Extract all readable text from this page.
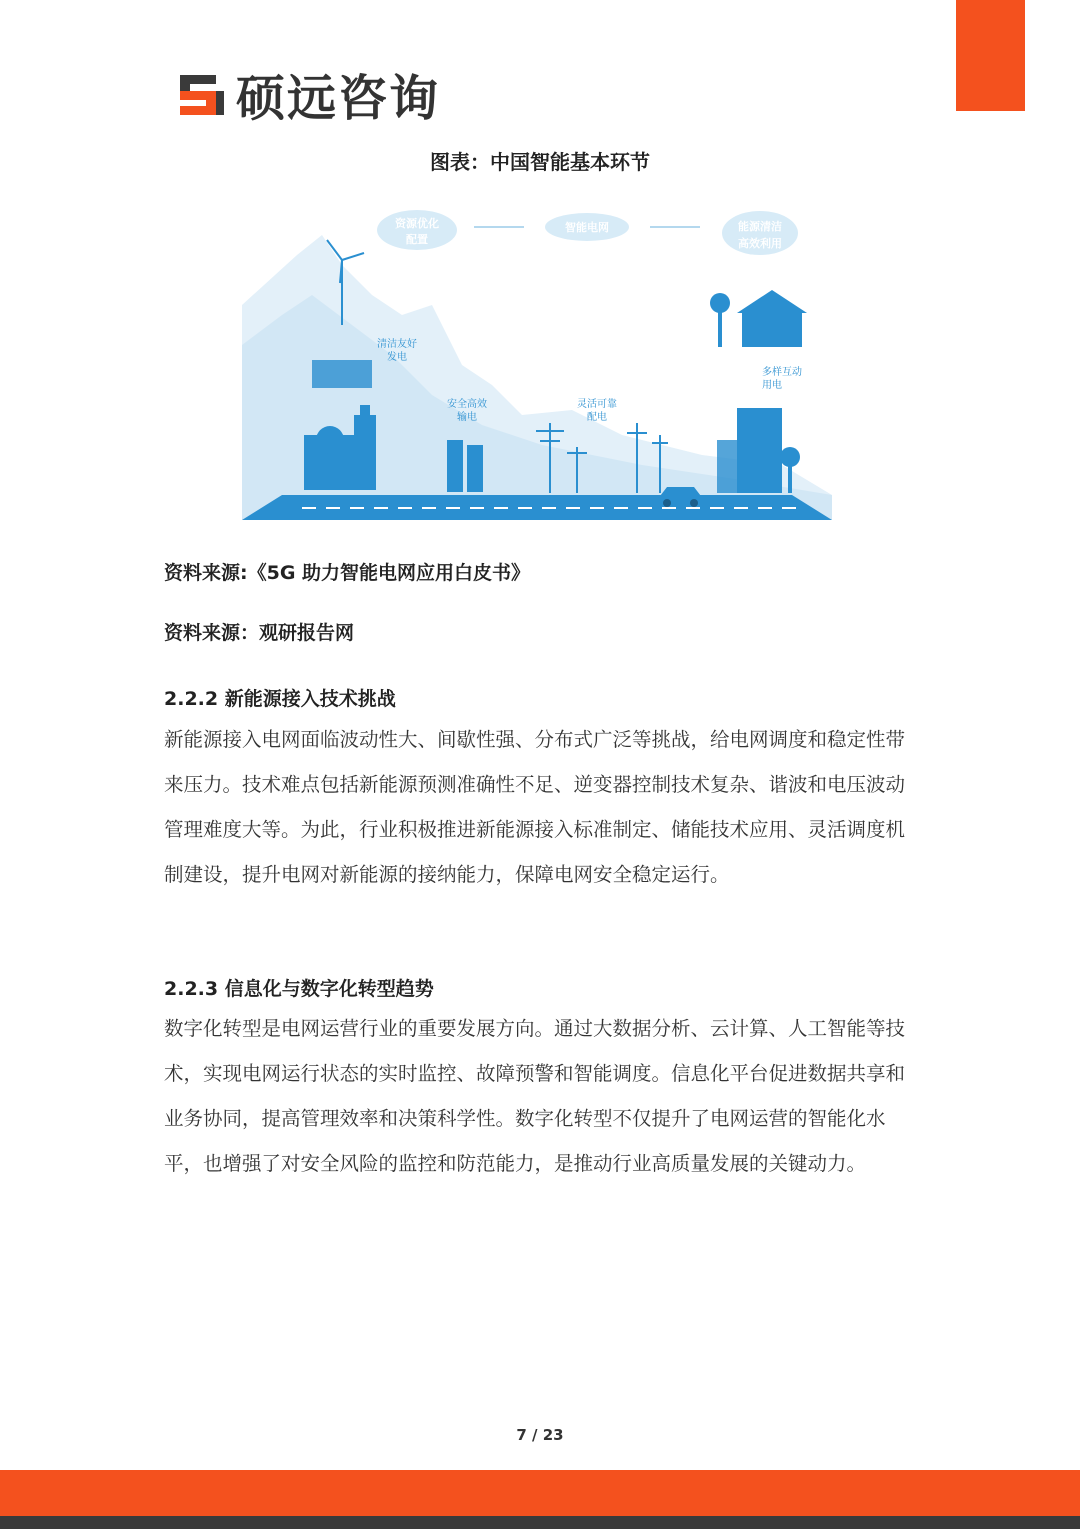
硕远咨询
图表：中国智能基本环节
资源优化
配置
智能电网	能源清洁
高效利用
清洁友好
发电
安全高效
输电
灵活可靠
配电
多样互动
用电
资料来源:《5G 助力智能电网应用白皮书》
资料来源：观研报告网
2.2.2 新能源接入技术挑战
新能源接入电网面临波动性大、间歇性强、分布式广泛等挑战，给电网调度和稳定性带来压力。技术难点包括新能源预测准确性不足、逆变器控制技术复杂、谐波和电压波动管理难度大等。为此，行业积极推进新能源接入标准制定、储能技术应用、灵活调度机制建设，提升电网对新能源的接纳能力，保障电网安全稳定运行。
2.2.3 信息化与数字化转型趋势
数字化转型是电网运营行业的重要发展方向。通过大数据分析、云计算、人工智能等技术，实现电网运行状态的实时监控、故障预警和智能调度。信息化平台促进数据共享和业务协同，提高管理效率和决策科学性。数字化转型不仅提升了电网运营的智能化水平，也增强了对安全风险的监控和防范能力，是推动行业高质量发展的关键动力。
7 / 23
